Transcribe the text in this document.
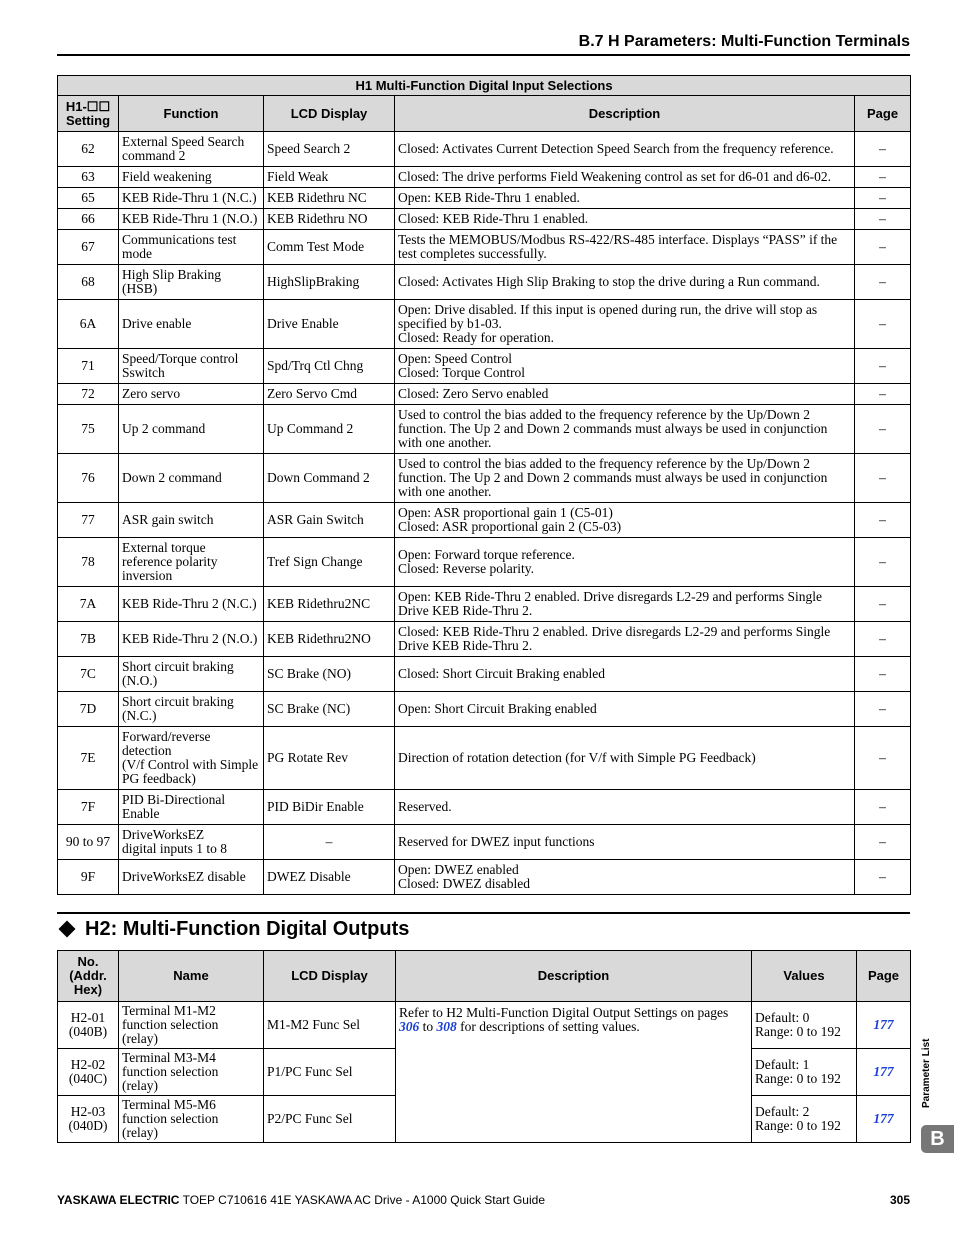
B.7 H Parameters: Multi-Function Terminals
H1 Multi-Function Digital Input Selections				
H1-☐☐
Setting	Function	LCD Display	Description	Page
62	External Speed Search
command 2	Speed Search 2	Closed: Activates Current Detection Speed Search from the frequency reference.	–
63	Field weakening	Field Weak	Closed: The drive performs Field Weakening control as set for d6-01 and d6-02.	–
65	KEB Ride-Thru 1 (N.C.)	KEB Ridethru NC	Open: KEB Ride-Thru 1 enabled.	–
66	KEB Ride-Thru 1 (N.O.)	KEB Ridethru NO	Closed: KEB Ride-Thru 1 enabled.	–
67	Communications test
mode	Comm Test Mode	Tests the MEMOBUS/Modbus RS-422/RS-485 interface. Displays “PASS” if the test completes successfully.	–
68	High Slip Braking
(HSB)	HighSlipBraking	Closed: Activates High Slip Braking to stop the drive during a Run command.	–
6A	Drive enable	Drive Enable	Open: Drive disabled. If this input is opened during run, the drive will stop as specified by b1-03.
Closed: Ready for operation.	–
71	Speed/Torque control
Sswitch	Spd/Trq Ctl Chng	Open: Speed Control
Closed: Torque Control	–
72	Zero servo	Zero Servo Cmd	Closed: Zero Servo enabled	–
75	Up 2 command	Up Command 2	Used to control the bias added to the frequency reference by the Up/Down 2 function. The Up 2 and Down 2 commands must always be used in conjunction with one another.	–
76	Down 2 command	Down Command 2	Used to control the bias added to the frequency reference by the Up/Down 2 function. The Up 2 and Down 2 commands must always be used in conjunction with one another.	–
77	ASR gain switch	ASR Gain Switch	Open: ASR proportional gain 1 (C5-01)
Closed: ASR proportional gain 2 (C5-03)	–
78	External torque
reference polarity
inversion	Tref Sign Change	Open: Forward torque reference.
Closed: Reverse polarity.	–
7A	KEB Ride-Thru 2 (N.C.)	KEB Ridethru2NC	Open: KEB Ride-Thru 2 enabled. Drive disregards L2-29 and performs Single Drive KEB Ride-Thru 2.	–
7B	KEB Ride-Thru 2 (N.O.)	KEB Ridethru2NO	Closed: KEB Ride-Thru 2 enabled. Drive disregards L2-29 and performs Single Drive KEB Ride-Thru 2.	–
7C	Short circuit braking
(N.O.)	SC Brake (NO)	Closed: Short Circuit Braking enabled	–
7D	Short circuit braking
(N.C.)	SC Brake (NC)	Open: Short Circuit Braking enabled	–
7E	Forward/reverse
detection
(V/f Control with Simple
PG feedback)	PG Rotate Rev	Direction of rotation detection (for V/f with Simple PG Feedback)	–
7F	PID Bi-Directional
Enable	PID BiDir Enable	Reserved.	–
90 to 97	DriveWorksEZ
digital inputs 1 to 8	–	Reserved for DWEZ input functions	–
9F	DriveWorksEZ disable	DWEZ Disable	Open: DWEZ enabled
Closed: DWEZ disabled	–
H2: Multi-Function Digital Outputs
No.
(Addr.
Hex)	Name	LCD Display	Description	Values	Page
H2-01
(040B)	Terminal M1-M2
function selection
(relay)	M1-M2 Func Sel	Refer to H2 Multi-Function Digital Output Settings on pages 306 to 308 for descriptions of setting values.	Default: 0
Range: 0 to 192	177
H2-02
(040C)	Terminal M3-M4
function selection
(relay)	P1/PC Func Sel		Default: 1
Range: 0 to 192	177
H2-03
(040D)	Terminal M5-M6
function selection
(relay)	P2/PC Func Sel		Default: 2
Range: 0 to 192	177
Parameter List
B
YASKAWA ELECTRIC TOEP C710616 41E YASKAWA AC Drive - A1000 Quick Start Guide	305
